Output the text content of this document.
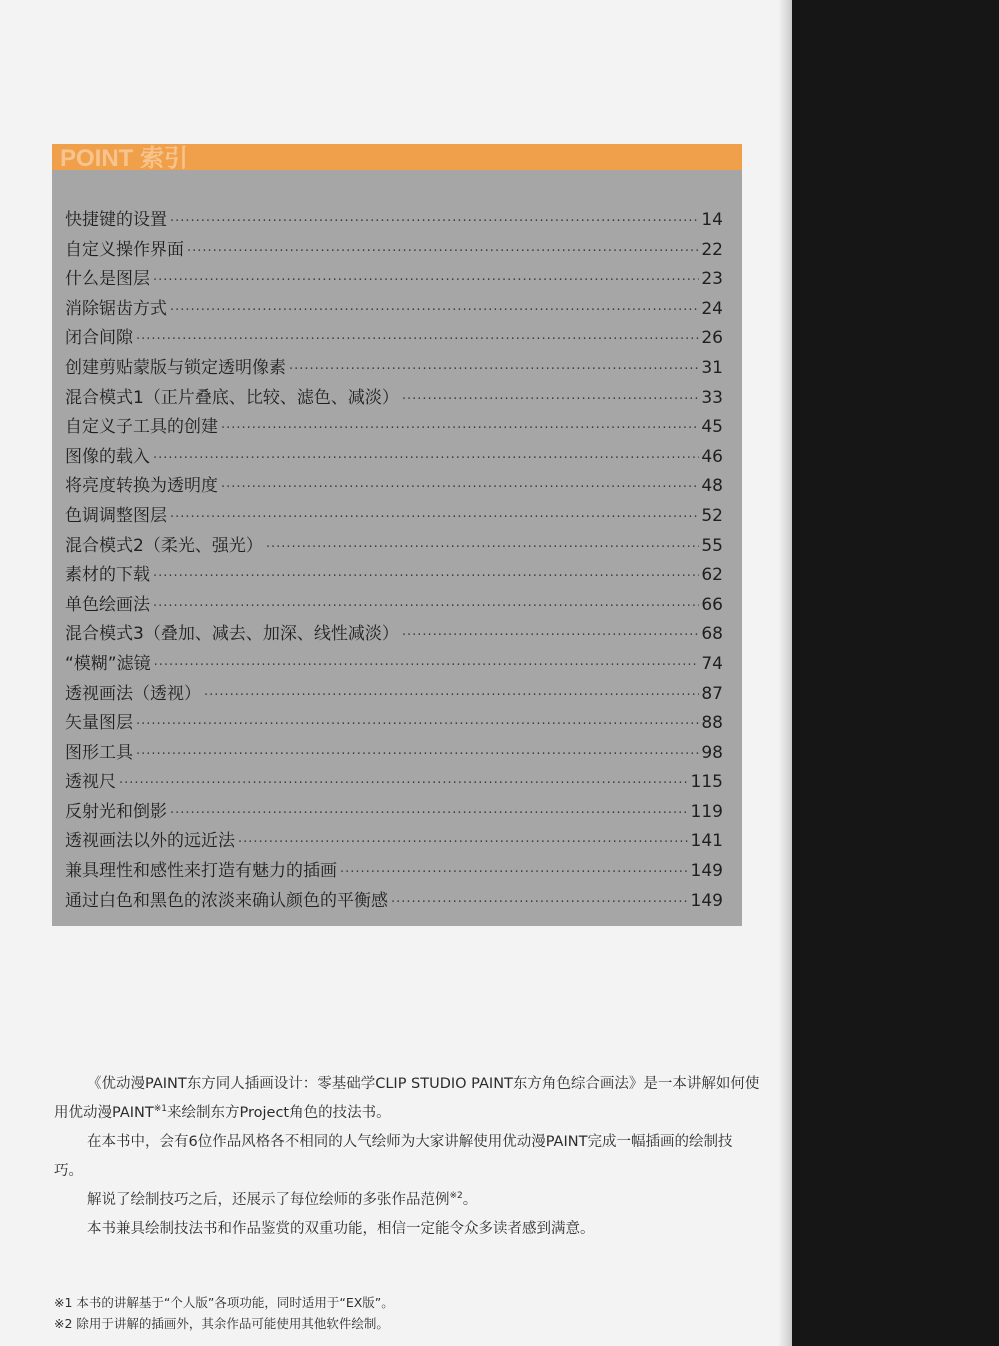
POINT 索引
快捷键的设置 ·····	14
自定义操作界面 ·····	22
什么是图层 ·····	23
消除锯齿方式 ·····	24
闭合间隙 ·····	26
创建剪贴蒙版与锁定透明像素 ·····	31
混合模式1（正片叠底、比较、滤色、减淡） ·····	33
自定义子工具的创建 ·····	45
图像的载入 ·····	46
将亮度转换为透明度 ·····	48
色调调整图层 ·····	52
混合模式2（柔光、强光） ·····	55
素材的下载 ·····	62
单色绘画法 ·····	66
混合模式3（叠加、减去、加深、线性减淡） ·····	68
“模糊”滤镜 ·····	74
透视画法（透视） ·····	87
矢量图层 ·····	88
图形工具 ·····	98
透视尺 ·····	115
反射光和倒影 ·····	119
透视画法以外的远近法 ·····	141
兼具理性和感性来打造有魅力的插画 ·····	149
通过白色和黑色的浓淡来确认颜色的平衡感 ·····	149

《优动漫PAINT东方同人插画设计：零基础学CLIP STUDIO PAINT东方角色综合画法》是一本讲解如何使用优动漫PAINT$^{※1}$来绘制东方Project角色的技法书。

在本书中，会有6位作品风格各不相同的人气绘师为大家讲解使用优动漫PAINT完成一幅插画的绘制技巧。

解说了绘制技巧之后，还展示了每位绘师的多张作品范例$^{※2}$。

本书兼具绘制技法书和作品鉴赏的双重功能，相信一定能令众多读者感到满意。

※1 本书的讲解基于“个人版”各项功能，同时适用于“EX版”。

※2 除用于讲解的插画外，其余作品可能使用其他软件绘制。
